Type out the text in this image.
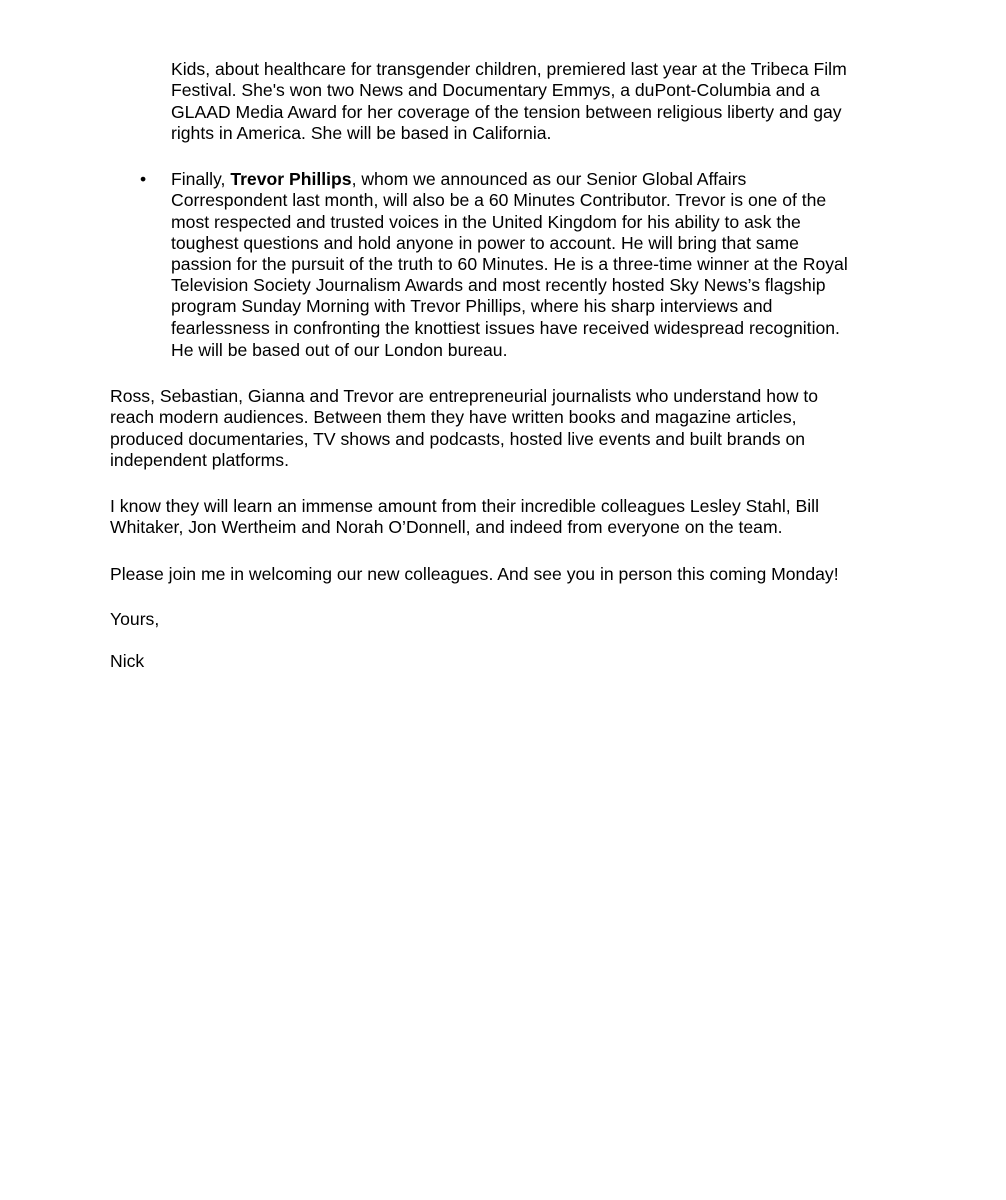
Kids, about healthcare for transgender children, premiered last year at the Tribeca Film
Festival. She's won two News and Documentary Emmys, a duPont-Columbia and a
GLAAD Media Award for her coverage of the tension between religious liberty and gay
rights in America. She will be based in California.
• Finally, Trevor Phillips, whom we announced as our Senior Global Affairs
Correspondent last month, will also be a 60 Minutes Contributor. Trevor is one of the
most respected and trusted voices in the United Kingdom for his ability to ask the
toughest questions and hold anyone in power to account. He will bring that same
passion for the pursuit of the truth to 60 Minutes. He is a three-time winner at the Royal
Television Society Journalism Awards and most recently hosted Sky News’s flagship
program Sunday Morning with Trevor Phillips, where his sharp interviews and
fearlessness in confronting the knottiest issues have received widespread recognition.
He will be based out of our London bureau.
Ross, Sebastian, Gianna and Trevor are entrepreneurial journalists who understand how to
reach modern audiences. Between them they have written books and magazine articles,
produced documentaries, TV shows and podcasts, hosted live events and built brands on
independent platforms.
I know they will learn an immense amount from their incredible colleagues Lesley Stahl, Bill
Whitaker, Jon Wertheim and Norah O’Donnell, and indeed from everyone on the team.
Please join me in welcoming our new colleagues. And see you in person this coming Monday!
Yours,
Nick
